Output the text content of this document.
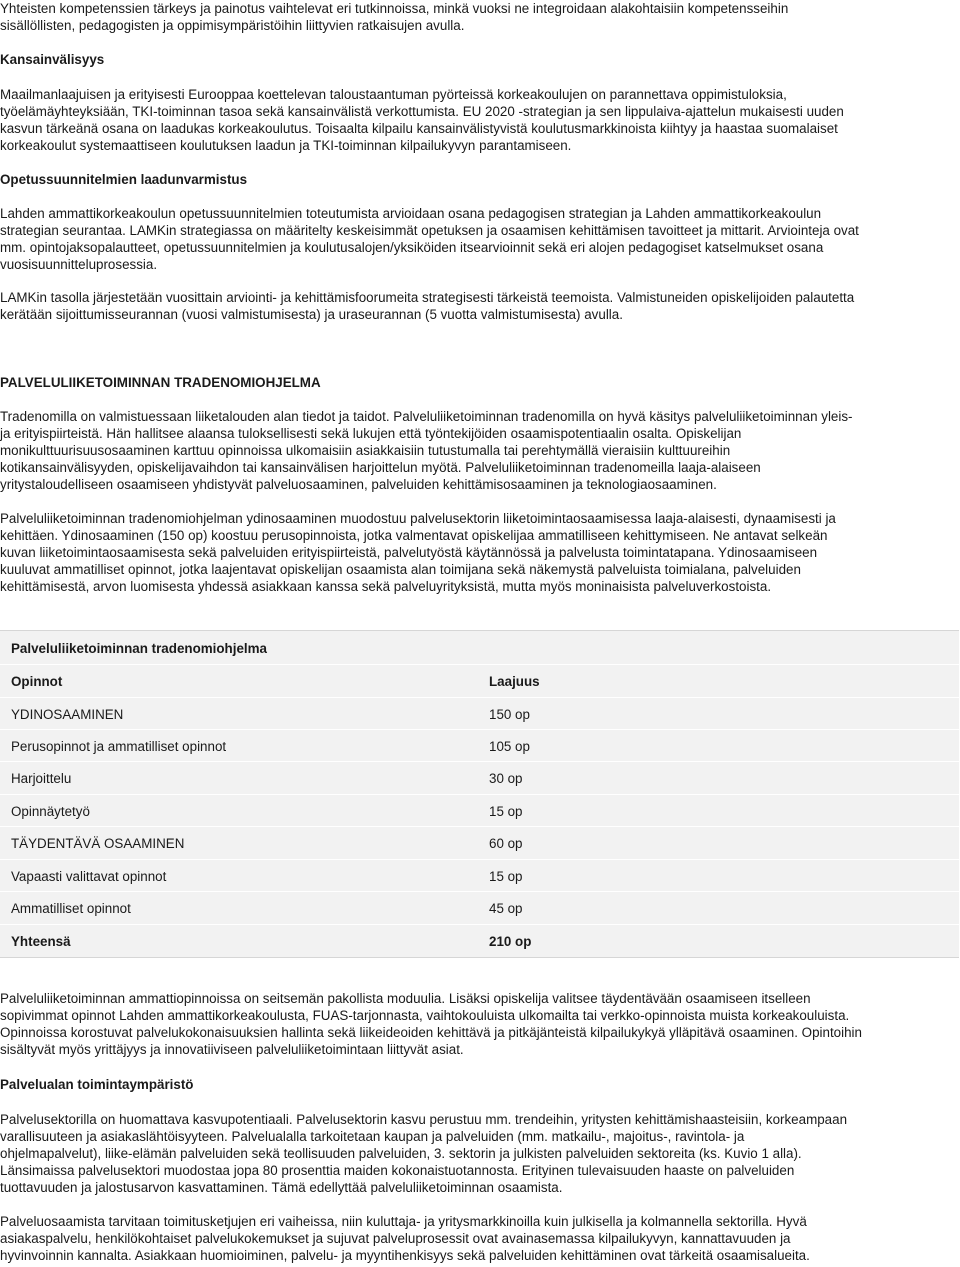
Yhteisten kompetenssien tärkeys ja painotus vaihtelevat eri tutkinnoissa, minkä vuoksi ne integroidaan alakohtaisiin kompetensseihin
sisällöllisten, pedagogisten ja oppimisympäristöihin liittyvien ratkaisujen avulla.

Kansainvälisyys

Maailmanlaajuisen ja erityisesti Eurooppaa koettelevan taloustaantuman pyörteissä korkeakoulujen on parannettava oppimistuloksia,
työelämäyhteyksiään, TKI-toiminnan tasoa sekä kansainvälistä verkottumista. EU 2020 -strategian ja sen lippulaiva-ajattelun mukaisesti uuden
kasvun tärkeänä osana on laadukas korkeakoulutus. Toisaalta kilpailu kansainvälistyvistä koulutusmarkkinoista kiihtyy ja haastaa suomalaiset
korkeakoulut systemaattiseen koulutuksen laadun ja TKI-toiminnan kilpailukyvyn parantamiseen.

Opetussuunnitelmien laadunvarmistus

Lahden ammattikorkeakoulun opetussuunnitelmien toteutumista arvioidaan osana pedagogisen strategian ja Lahden ammattikorkeakoulun
strategian seurantaa. LAMKin strategiassa on määritelty keskeisimmät opetuksen ja osaamisen kehittämisen tavoitteet ja mittarit. Arviointeja ovat
mm. opintojaksopalautteet, opetussuunnitelmien ja koulutusalojen/yksiköiden itsearvioinnit sekä eri alojen pedagogiset katselmukset osana
vuosisuunnitteluprosessia.

LAMKin tasolla järjestetään vuosittain arviointi- ja kehittämisfoorumeita strategisesti tärkeistä teemoista. Valmistuneiden opiskelijoiden palautetta
kerätään sijoittumisseurannan (vuosi valmistumisesta) ja uraseurannan (5 vuotta valmistumisesta) avulla.

PALVELULIIKETOIMINNAN TRADENOMIOHJELMA

Tradenomilla on valmistuessaan liiketalouden alan tiedot ja taidot. Palveluliiketoiminnan tradenomilla on hyvä käsitys palveluliiketoiminnan yleis-
ja erityispiirteistä. Hän hallitsee alaansa tuloksellisesti sekä lukujen että työntekijöiden osaamispotentiaalin osalta. Opiskelijan
monikulttuurisuusosaaminen karttuu opinnoissa ulkomaisiin asiakkaisiin tutustumalla tai perehtymällä vieraisiin kulttuureihin
kotikansainvälisyyden, opiskelijavaihdon tai kansainvälisen harjoittelun myötä. Palveluliiketoiminnan tradenomeilla laaja-alaiseen
yritystaloudelliseen osaamiseen yhdistyvät palveluosaaminen, palveluiden kehittämisosaaminen ja teknologiaosaaminen.

Palveluliiketoiminnan tradenomiohjelman ydinosaaminen muodostuu palvelusektorin liiketoimintaosaamisessa laaja-alaisesti, dynaamisesti ja
kehittäen. Ydinosaaminen (150 op) koostuu perusopinnoista, jotka valmentavat opiskelijaa ammatilliseen kehittymiseen. Ne antavat selkeän
kuvan liiketoimintaosaamisesta sekä palveluiden erityispiirteistä, palvelutyöstä käytännössä ja palvelusta toimintatapana. Ydinosaamiseen
kuuluvat ammatilliset opinnot, jotka laajentavat opiskelijan osaamista alan toimijana sekä näkemystä palveluista toimialana, palveluiden
kehittämisestä, arvon luomisesta yhdessä asiakkaan kanssa sekä palveluyrityksistä, mutta myös moninaisista palveluverkostoista.

Palveluliiketoiminnan tradenomiohjelma
Opinnot	Laajuus
YDINOSAAMINEN	150 op
Perusopinnot ja ammatilliset opinnot	105 op
Harjoittelu	30 op
Opinnäytetyö	15 op
TÄYDENTÄVÄ OSAAMINEN	60 op
Vapaasti valittavat opinnot	15 op
Ammatilliset opinnot	45 op
Yhteensä	210 op

Palveluliiketoiminnan ammattiopinnoissa on seitsemän pakollista moduulia. Lisäksi opiskelija valitsee täydentävään osaamiseen itselleen
sopivimmat opinnot Lahden ammattikorkeakoulusta, FUAS-tarjonnasta, vaihtokouluista ulkomailta tai verkko-opinnoista muista korkeakouluista.
Opinnoissa korostuvat palvelukokonaisuuksien hallinta sekä liikeideoiden kehittävä ja pitkäjänteistä kilpailukykyä ylläpitävä osaaminen. Opintoihin
sisältyvät myös yrittäjyys ja innovatiiviseen palveluliiketoimintaan liittyvät asiat.

Palvelualan toimintaympäristö

Palvelusektorilla on huomattava kasvupotentiaali. Palvelusektorin kasvu perustuu mm. trendeihin, yritysten kehittämishaasteisiin, korkeampaan
varallisuuteen ja asiakaslähtöisyyteen. Palvelualalla tarkoitetaan kaupan ja palveluiden (mm. matkailu-, majoitus-, ravintola- ja
ohjelmapalvelut), liike-elämän palveluiden sekä teollisuuden palveluiden, 3. sektorin ja julkisten palveluiden sektoreita (ks. Kuvio 1 alla).
Länsimaissa palvelusektori muodostaa jopa 80 prosenttia maiden kokonaistuotannosta. Erityinen tulevaisuuden haaste on palveluiden
tuottavuuden ja jalostusarvon kasvattaminen. Tämä edellyttää palveluliiketoiminnan osaamista.

Palveluosaamista tarvitaan toimitusketjujen eri vaiheissa, niin kuluttaja- ja yritysmarkkinoilla kuin julkisella ja kolmannella sektorilla. Hyvä
asiakaspalvelu, henkilökohtaiset palvelukokemukset ja sujuvat palveluprosessit ovat avainasemassa kilpailukyvyn, kannattavuuden ja
hyvinvoinnin kannalta. Asiakkaan huomioiminen, palvelu- ja myyntihenkisyys sekä palveluiden kehittäminen ovat tärkeitä osaamisalueita.
